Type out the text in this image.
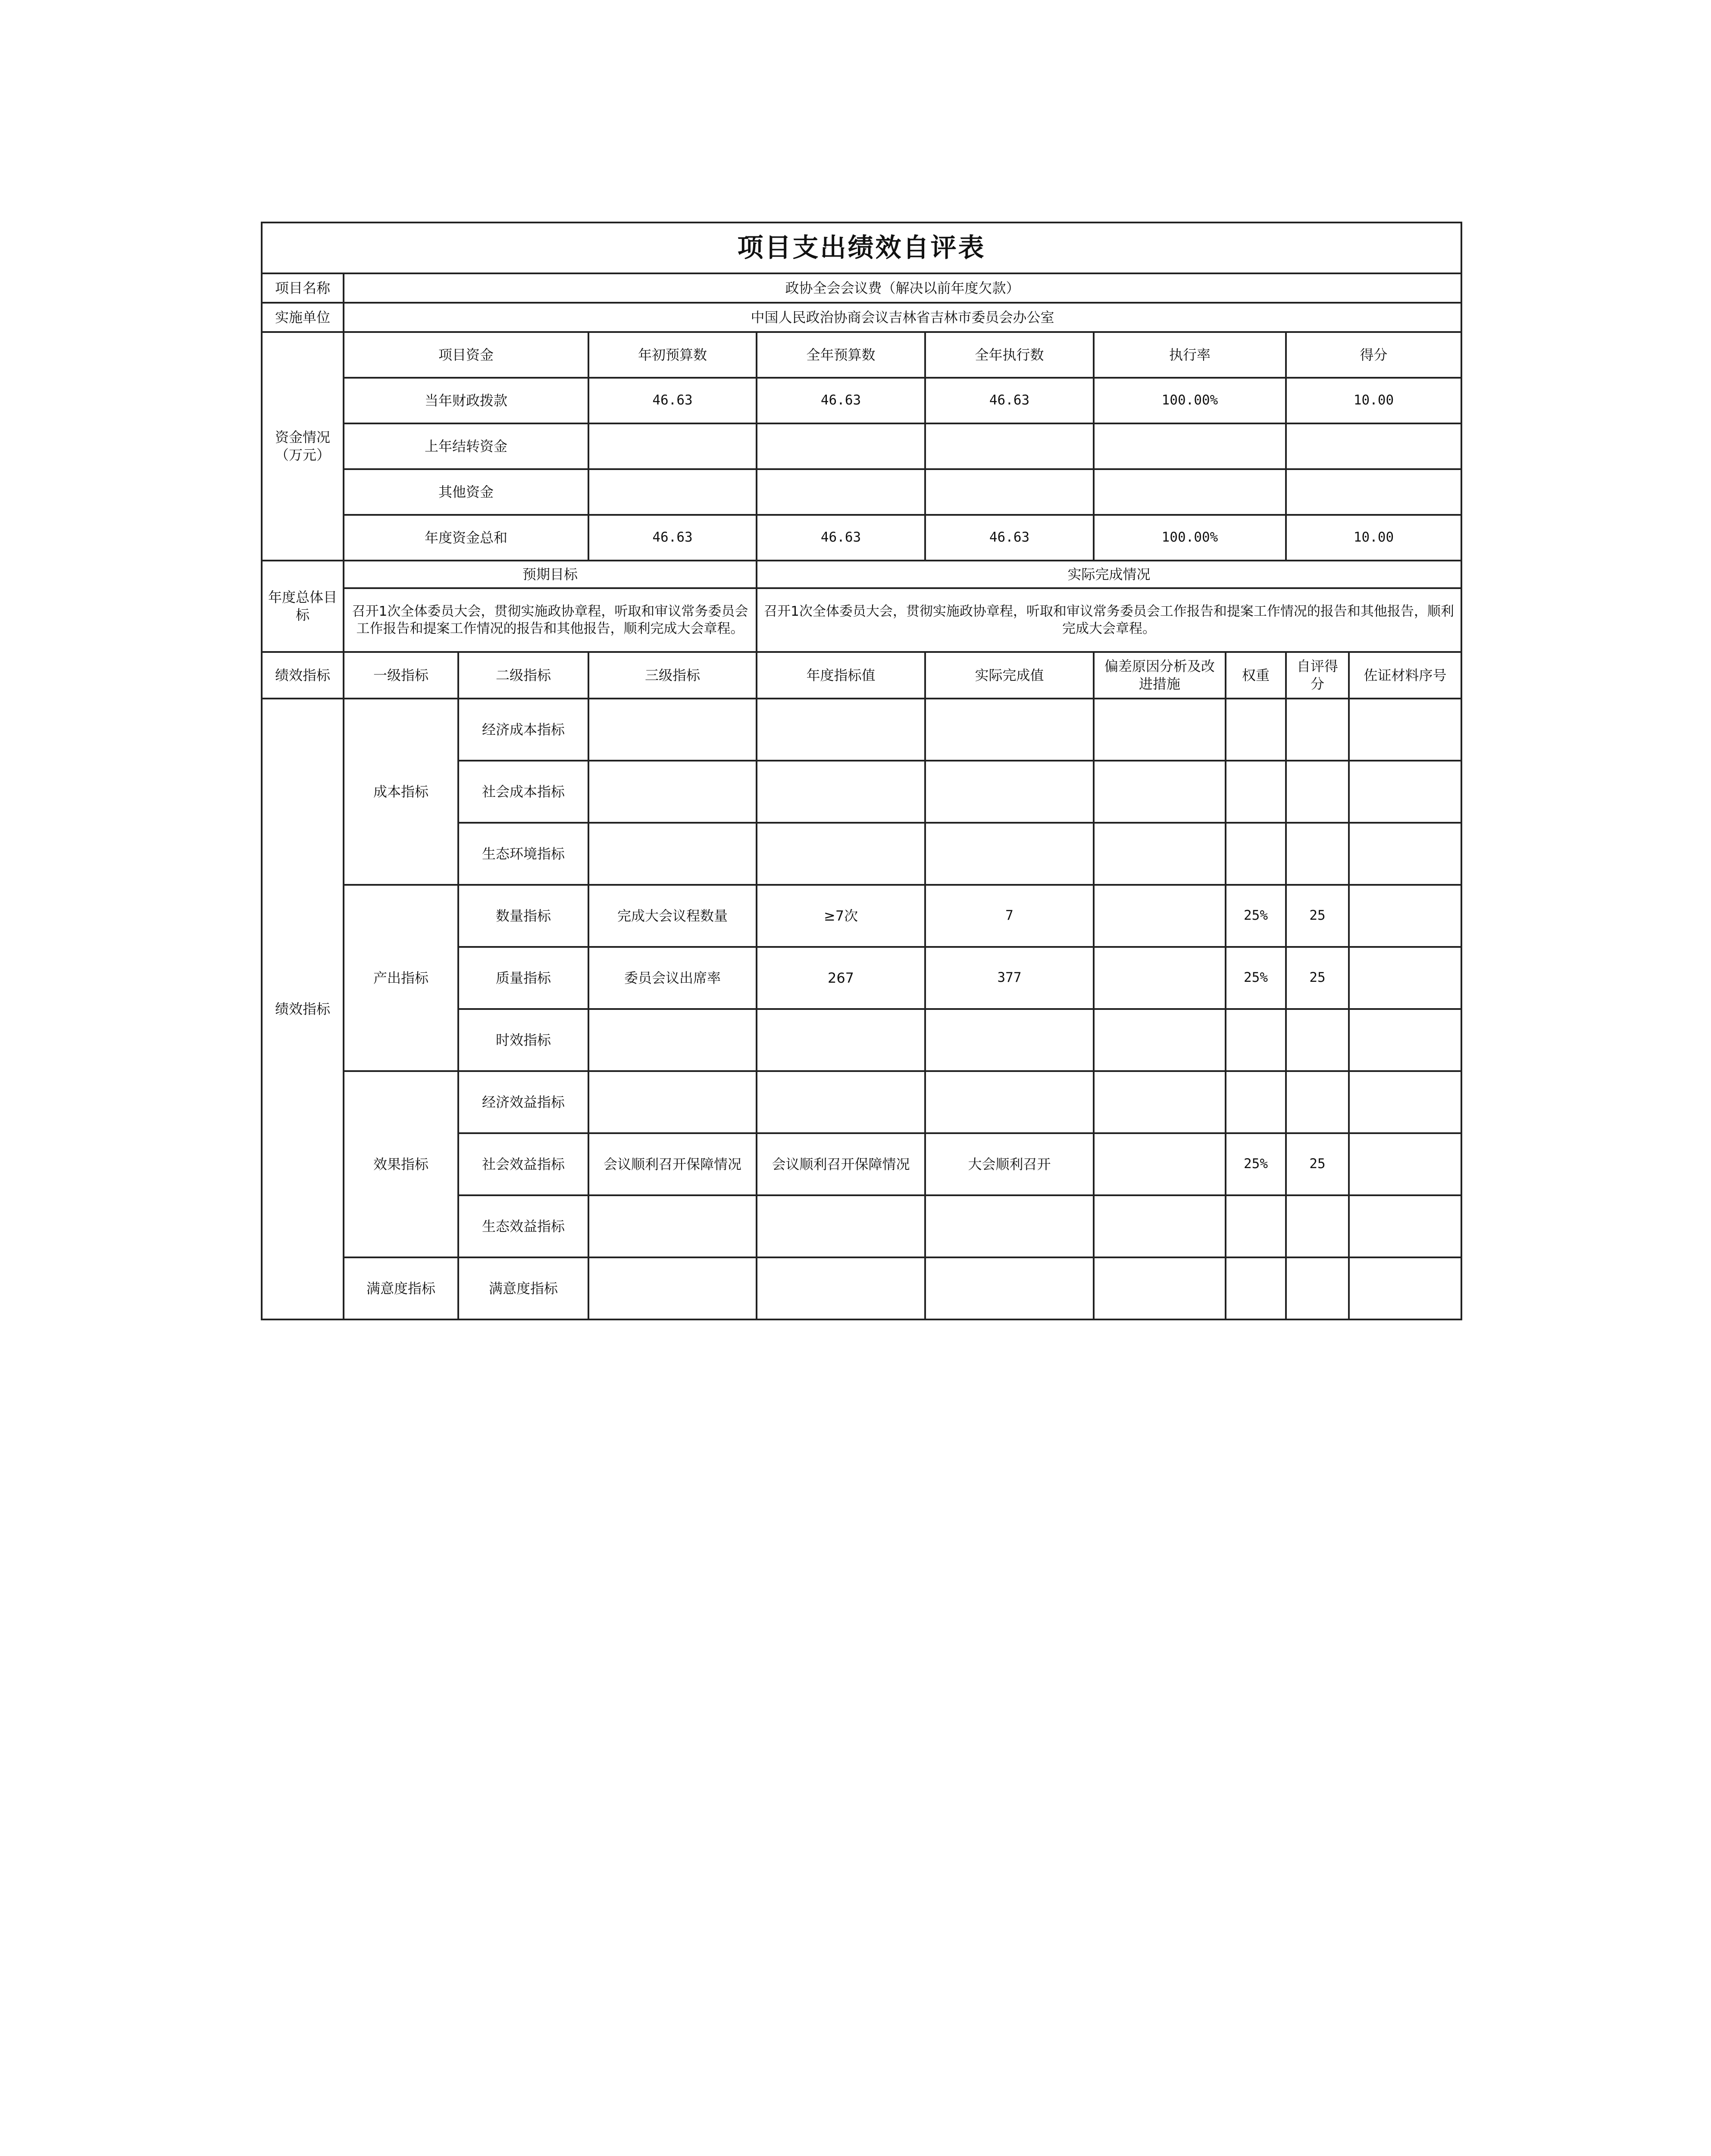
项目支出绩效自评表									
项目名称	政协全会会议费（解决以前年度欠款）								
实施单位	中国人民政治协商会议吉林省吉林市委员会办公室								
资金情况（万元）	项目资金		年初预算数	全年预算数	全年执行数	执行率		得分	
	当年财政拨款		46.63	46.63	46.63	100.00%		10.00	
	上年结转资金								
	其他资金								
	年度资金总和		46.63	46.63	46.63	100.00%		10.00	
年度总体目标	预期目标			实际完成情况					
	召开1次全体委员大会，贯彻实施政协章程，听取和审议常务委员会工作报告和提案工作情况的报告和其他报告，顺利完成大会章程。			召开1次全体委员大会，贯彻实施政协章程，听取和审议常务委员会工作报告和提案工作情况的报告和其他报告，顺利完成大会章程。					
绩效指标	一级指标	二级指标	三级指标	年度指标值	实际完成值	偏差原因分析及改进措施	权重	自评得分	佐证材料序号
绩效指标	成本指标	经济成本指标							
		社会成本指标							
		生态环境指标							
	产出指标	数量指标	完成大会议程数量	≥7次	7		25%	25	
		质量指标	委员会议出席率	267	377		25%	25	
		时效指标							
	效果指标	经济效益指标							
		社会效益指标	会议顺利召开保障情况	会议顺利召开保障情况	大会顺利召开		25%	25	
		生态效益指标							
	满意度指标	满意度指标							
